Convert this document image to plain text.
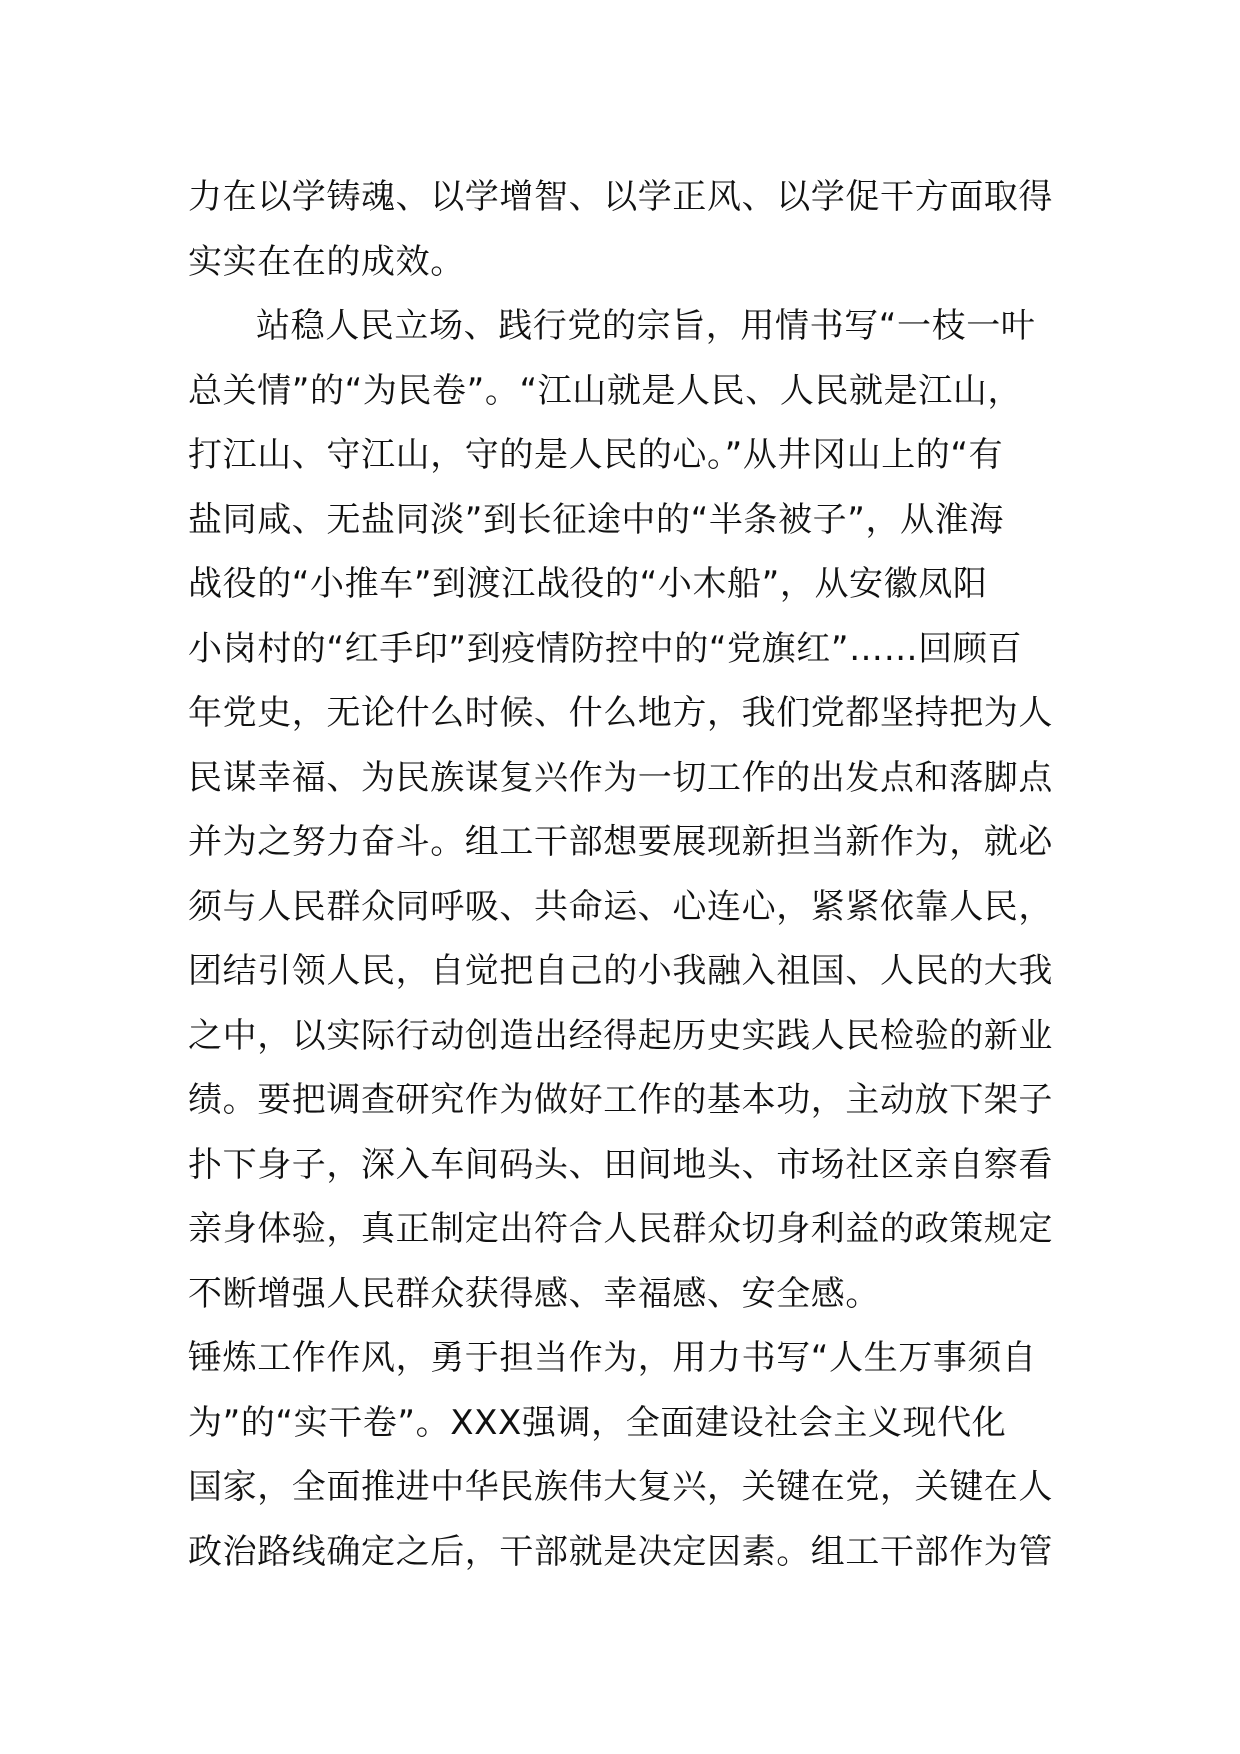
力在以学铸魂、以学增智、以学正风、以学促干方面取得
实实在在的成效。
站稳人民立场、践行党的宗旨，用情书写“一枝一叶
总关情”的“为民卷”。“江山就是人民、人民就是江山，
打江山、守江山，守的是人民的心。”从井冈山上的“有
盐同咸、无盐同淡”到长征途中的“半条被子”，从淮海
战役的“小推车”到渡江战役的“小木船”，从安徽凤阳
小岗村的“红手印”到疫情防控中的“党旗红”……回顾百
年党史，无论什么时候、什么地方，我们党都坚持把为人
民谋幸福、为民族谋复兴作为一切工作的出发点和落脚点
并为之努力奋斗。组工干部想要展现新担当新作为，就必
须与人民群众同呼吸、共命运、心连心，紧紧依靠人民，
团结引领人民，自觉把自己的小我融入祖国、人民的大我
之中，以实际行动创造出经得起历史实践人民检验的新业
绩。要把调查研究作为做好工作的基本功，主动放下架子
扑下身子，深入车间码头、田间地头、市场社区亲自察看
亲身体验，真正制定出符合人民群众切身利益的政策规定
不断增强人民群众获得感、幸福感、安全感。
锤炼工作作风，勇于担当作为，用力书写“人生万事须自
为”的“实干卷”。XXX强调，全面建设社会主义现代化
国家，全面推进中华民族伟大复兴，关键在党，关键在人
政治路线确定之后，干部就是决定因素。组工干部作为管
